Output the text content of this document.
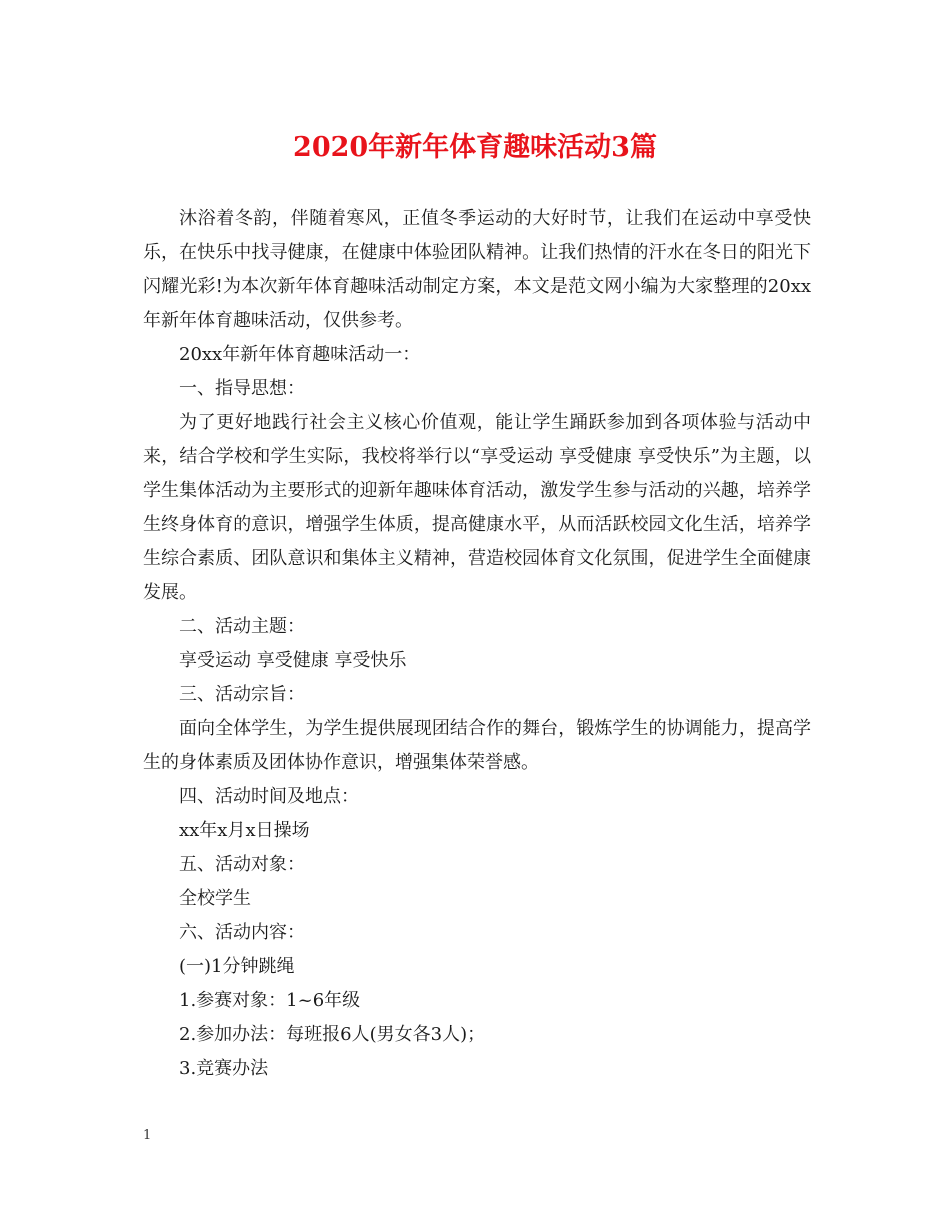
2020年新年体育趣味活动3篇

沐浴着冬韵，伴随着寒风，正值冬季运动的大好时节，让我们在运动中享受快乐，在快乐中找寻健康，在健康中体验团队精神。让我们热情的汗水在冬日的阳光下闪耀光彩!为本次新年体育趣味活动制定方案，本文是范文网小编为大家整理的20xx年新年体育趣味活动，仅供参考。

20xx年新年体育趣味活动一：

一、指导思想：

为了更好地践行社会主义核心价值观，能让学生踊跃参加到各项体验与活动中来，结合学校和学生实际，我校将举行以“享受运动 享受健康 享受快乐”为主题，以学生集体活动为主要形式的迎新年趣味体育活动，激发学生参与活动的兴趣，培养学生终身体育的意识，增强学生体质，提高健康水平，从而活跃校园文化生活，培养学生综合素质、团队意识和集体主义精神，营造校园体育文化氛围，促进学生全面健康发展。

二、活动主题：

享受运动 享受健康 享受快乐

三、活动宗旨：

面向全体学生，为学生提供展现团结合作的舞台，锻炼学生的协调能力，提高学生的身体素质及团体协作意识，增强集体荣誉感。

四、活动时间及地点：

xx年x月x日操场

五、活动对象：

全校学生

六、活动内容：

(一)1分钟跳绳

1.参赛对象：1~6年级

2.参加办法：每班报6人(男女各3人)；

3.竞赛办法

1
